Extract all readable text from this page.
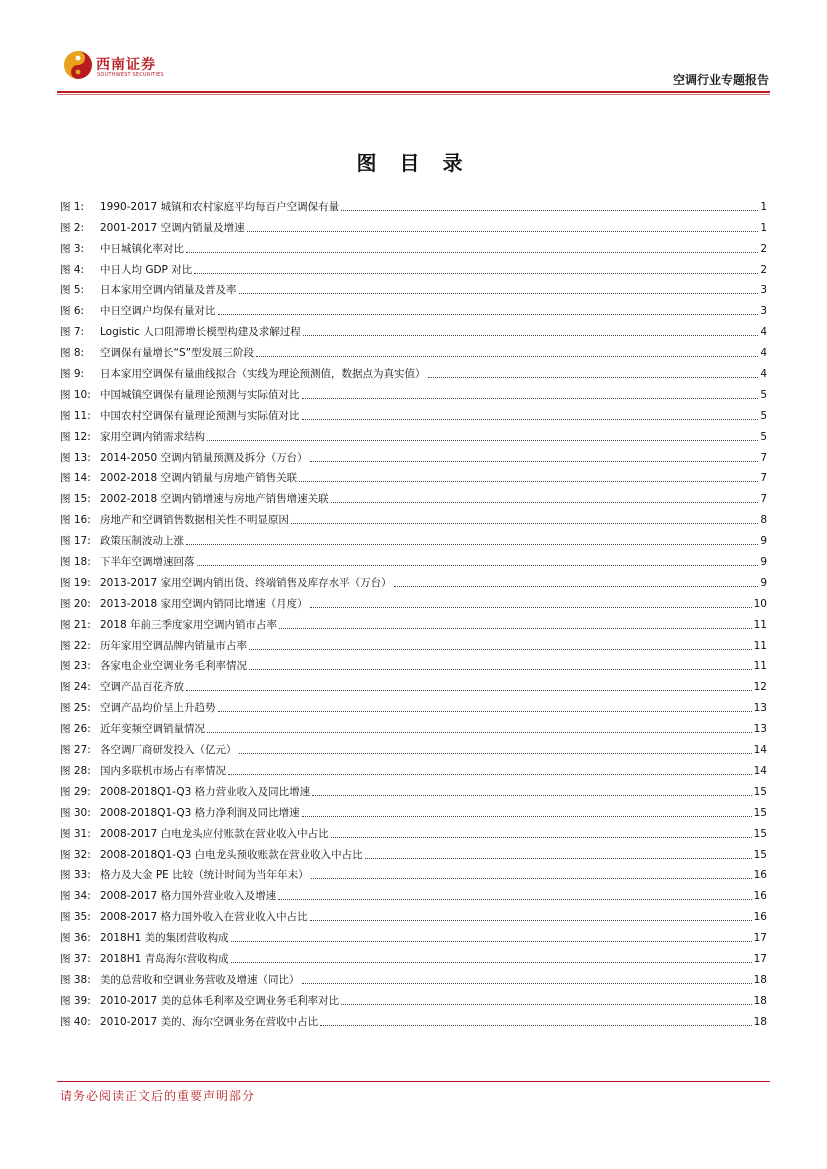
西南证券
SOUTHWEST SECURITIES	空调行业专题报告
图 目 录
图 1: 1990-2017 城镇和农村家庭平均每百户空调保有量	1
图 2: 2001-2017 空调内销量及增速	1
图 3: 中日城镇化率对比	2
图 4: 中日人均 GDP 对比	2
图 5: 日本家用空调内销量及普及率	3
图 6: 中日空调户均保有量对比	3
图 7: Logistic 人口阻滞增长模型构建及求解过程	4
图 8: 空调保有量增长“S”型发展三阶段	4
图 9: 日本家用空调保有量曲线拟合（实线为理论预测值，数据点为真实值）	4
图 10: 中国城镇空调保有量理论预测与实际值对比	5
图 11: 中国农村空调保有量理论预测与实际值对比	5
图 12: 家用空调内销需求结构	5
图 13: 2014-2050 空调内销量预测及拆分（万台）	7
图 14: 2002-2018 空调内销量与房地产销售关联	7
图 15: 2002-2018 空调内销增速与房地产销售增速关联	7
图 16: 房地产和空调销售数据相关性不明显原因	8
图 17: 政策压制波动上涨	9
图 18: 下半年空调增速回落	9
图 19: 2013-2017 家用空调内销出货、终端销售及库存水平（万台）	9
图 20: 2013-2018 家用空调内销同比增速（月度）	10
图 21: 2018 年前三季度家用空调内销市占率	11
图 22: 历年家用空调品牌内销量市占率	11
图 23: 各家电企业空调业务毛利率情况	11
图 24: 空调产品百花齐放	12
图 25: 空调产品均价呈上升趋势	13
图 26: 近年变频空调销量情况	13
图 27: 各空调厂商研发投入（亿元）	14
图 28: 国内多联机市场占有率情况	14
图 29: 2008-2018Q1-Q3 格力营业收入及同比增速	15
图 30: 2008-2018Q1-Q3 格力净利润及同比增速	15
图 31: 2008-2017 白电龙头应付账款在营业收入中占比	15
图 32: 2008-2018Q1-Q3 白电龙头预收账款在营业收入中占比	15
图 33: 格力及大金 PE 比较（统计时间为当年年末）	16
图 34: 2008-2017 格力国外营业收入及增速	16
图 35: 2008-2017 格力国外收入在营业收入中占比	16
图 36: 2018H1 美的集团营收构成	17
图 37: 2018H1 青岛海尔营收构成	17
图 38: 美的总营收和空调业务营收及增速（同比）	18
图 39: 2010-2017 美的总体毛利率及空调业务毛利率对比	18
图 40: 2010-2017 美的、海尔空调业务在营收中占比	18
请务必阅读正文后的重要声明部分
